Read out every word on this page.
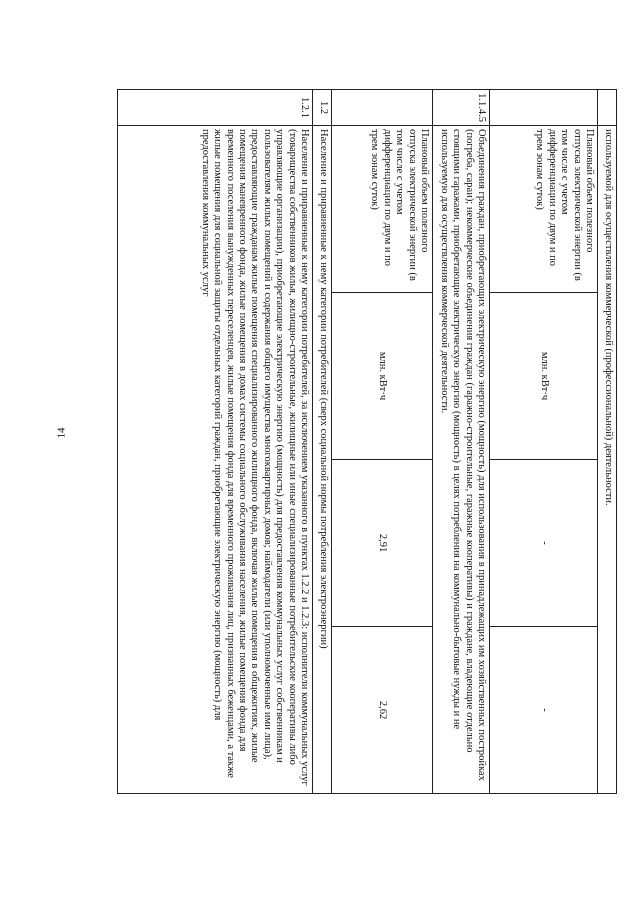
14
		используемой для осуществления коммерческой (профессиональной) деятельности.			
	Плановый объем полезного отпуска электрической энергии (в том числе с учетом дифференциации по двум и по трем зонам суток)	млн. кВт·ч	-	-
1.1.4.5	Объединения граждан, приобретающих электрическую энергию (мощность) для использования в принадлежащих им хозяйственных постройках (погреба, сараи); некоммерческие объединения граждан (гаражно-строительные, гаражные кооперативы) и граждане, владеющие отдельно стоящими гаражами, приобретающие электрическую энергию (мощность) в целях потребления на коммунально-бытовые нужды и не используемую для осуществления коммерческой деятельности.			
	Плановый объем полезного отпуска электрической энергии (в том числе с учетом дифференциации по двум и по трем зонам суток)	млн. кВт·ч	2,91	2,62
1.2	Население и приравненные к нему категории потребителей (сверх социальной нормы потребления электроэнергии)			
1.2.1	Население и приравненные к нему категории потребителей, за исключением указанного в пунктах 1.2.2 и 1.2.3: исполнители коммунальных услуг (товарищества собственников жилья, жилищно-строительные, жилищные или иные специализированные потребительские кооперативы либо управляющие организации), приобретающие электрическую энергию (мощность) для предоставления коммунальных услуг собственникам и пользователям жилых помещений и содержания общего имущества многоквартирных домов; наймодатели (или уполномоченные ими лица), предоставляющие гражданам жилые помещения специализированного жилищного фонда, включая жилые помещения в общежитиях, жилые помещения маневренного фонда, жилые помещения в домах системы социального обслуживания населения, жилые помещения фонда для временного поселения вынужденных переселенцев, жилые помещения фонда для временного проживания лиц, признанных беженцами, а также жилые помещения для социальной защиты отдельных категорий граждан, приобретающие электрическую энергию (мощность) для предоставления коммунальных услуг			
